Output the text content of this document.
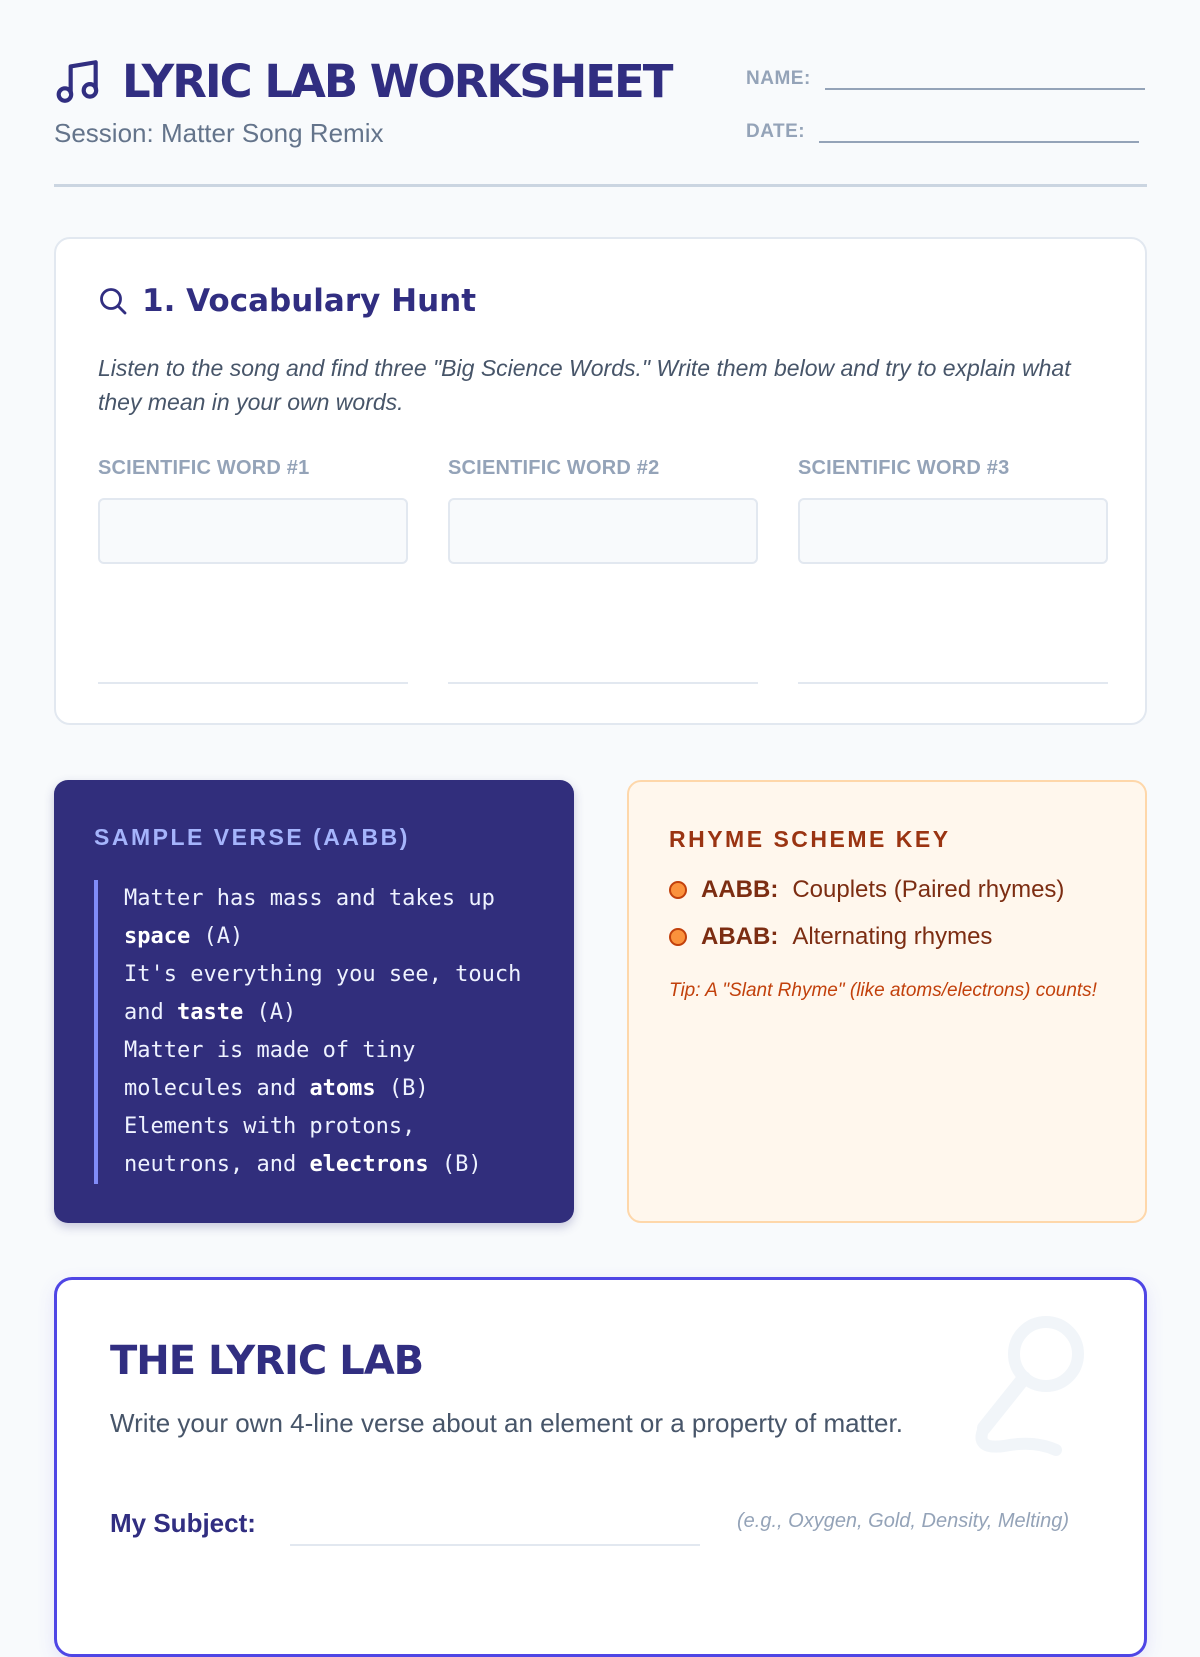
LYRIC LAB WORKSHEET
Session: Matter Song Remix
NAME:
DATE:
1. Vocabulary Hunt
Listen to the song and find three "Big Science Words." Write them below and try to explain what they mean in your own words.
SCIENTIFIC WORD #1	SCIENTIFIC WORD #2	SCIENTIFIC WORD #3
SAMPLE VERSE (AABB)
Matter has mass and takes up space (A)
It's everything you see, touch and taste (A)
Matter is made of tiny molecules and atoms (B)
Elements with protons, neutrons, and electrons (B)
RHYME SCHEME KEY
AABB: Couplets (Paired rhymes)
ABAB: Alternating rhymes
Tip: A "Slant Rhyme" (like atoms/electrons) counts!
THE LYRIC LAB
Write your own 4-line verse about an element or a property of matter.
My Subject:	(e.g., Oxygen, Gold, Density, Melting)
